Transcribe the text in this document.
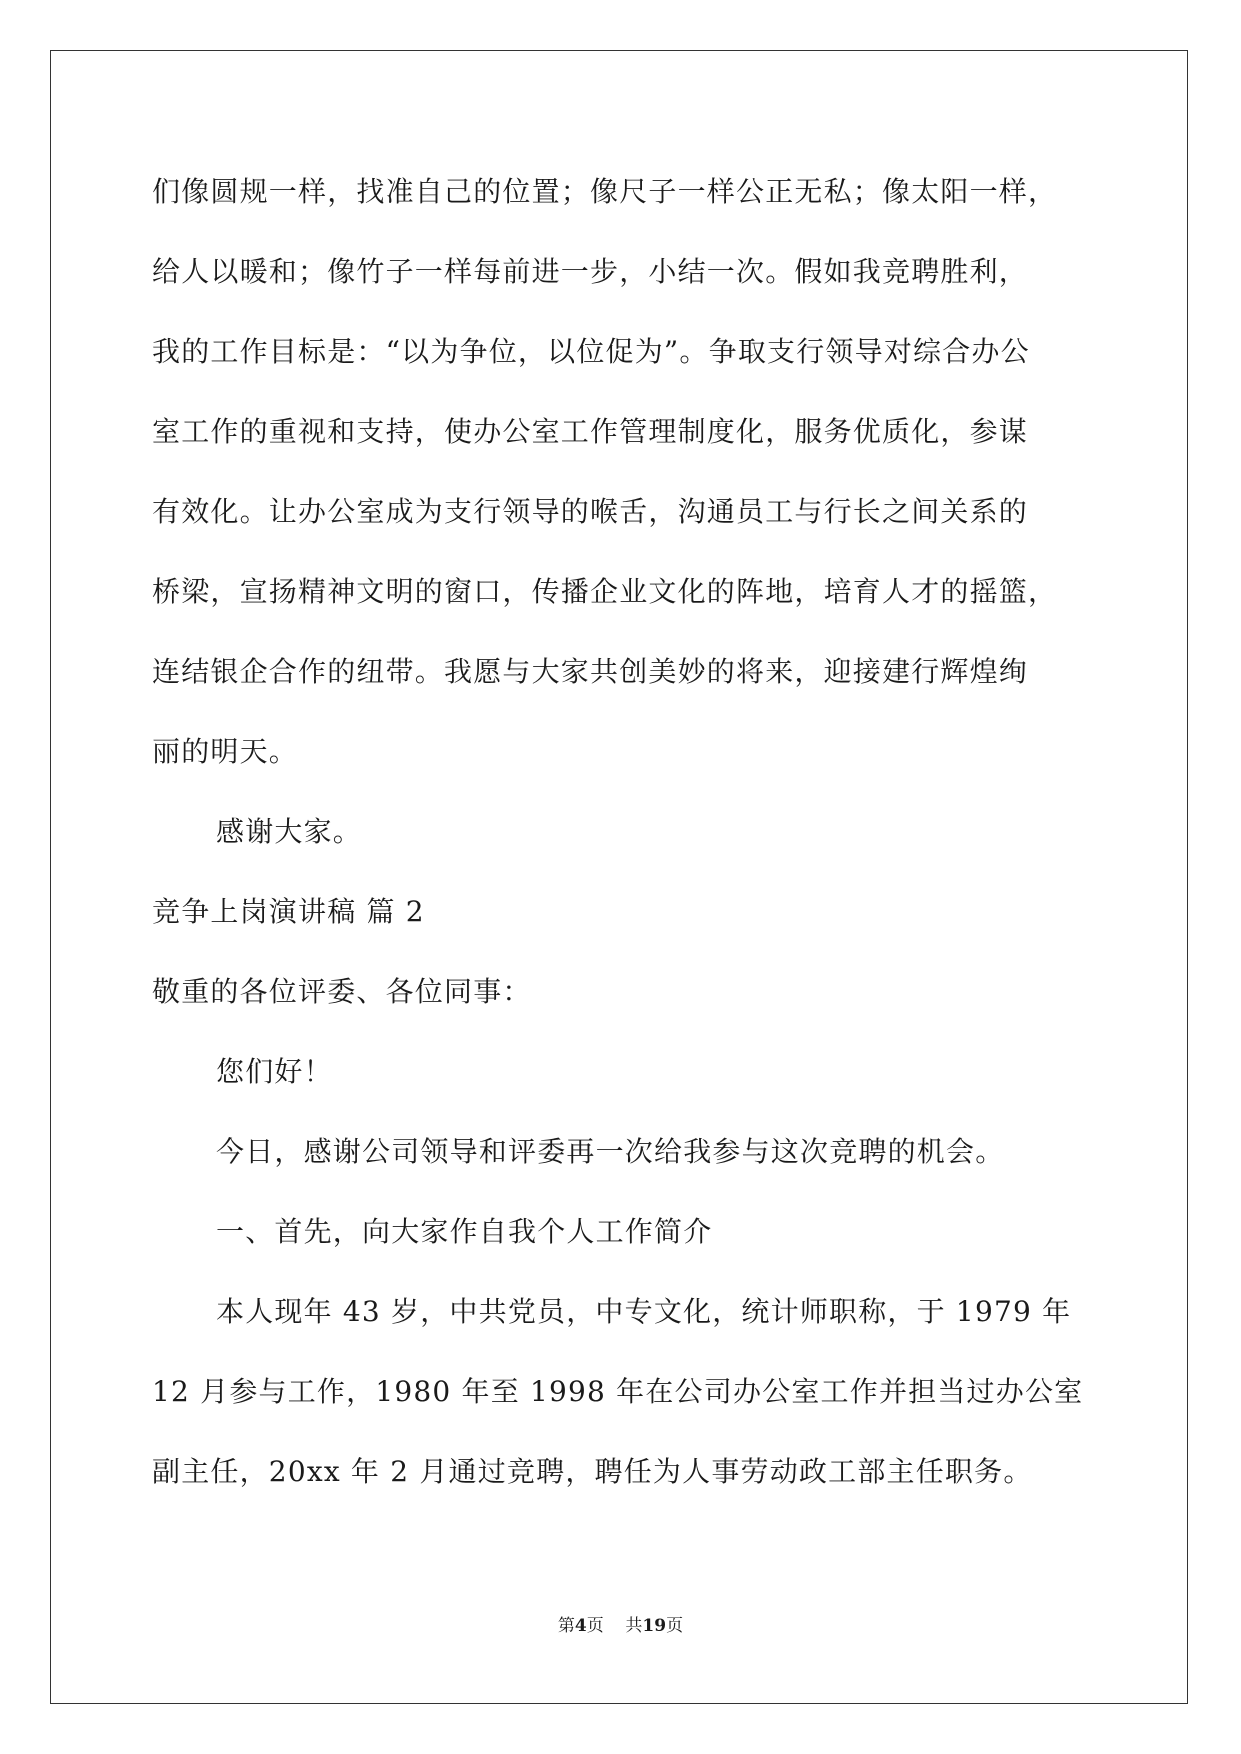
们像圆规一样，找准自己的位置；像尺子一样公正无私；像太阳一样，
给人以暖和；像竹子一样每前进一步，小结一次。假如我竞聘胜利，
我的工作目标是：“以为争位，以位促为”。争取支行领导对综合办公
室工作的重视和支持，使办公室工作管理制度化，服务优质化，参谋
有效化。让办公室成为支行领导的喉舌，沟通员工与行长之间关系的
桥梁，宣扬精神文明的窗口，传播企业文化的阵地，培育人才的摇篮，
连结银企合作的纽带。我愿与大家共创美妙的将来，迎接建行辉煌绚
丽的明天。
感谢大家。
竞争上岗演讲稿 篇 2
敬重的各位评委、各位同事：
您们好！
今日，感谢公司领导和评委再一次给我参与这次竞聘的机会。
一、首先，向大家作自我个人工作简介
本人现年 43 岁，中共党员，中专文化，统计师职称，于 1979 年
12 月参与工作，1980 年至 1998 年在公司办公室工作并担当过办公室
副主任，20xx 年 2 月通过竞聘，聘任为人事劳动政工部主任职务。
第4页 共19页
